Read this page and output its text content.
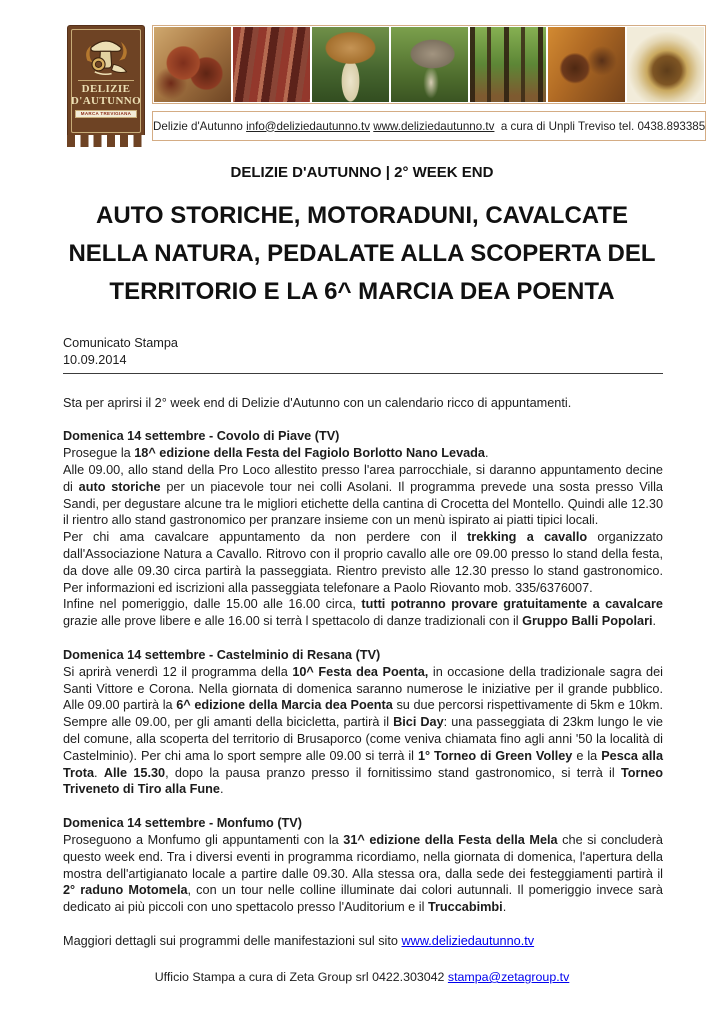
DELIZIE
D'AUTUNNO
MARCA TREVIGIANA
Delizie d'Autunno info@deliziedautunno.tv
www.deliziedautunno.tv a cura di Unpli Treviso tel. 0438.893385
DELIZIE D'AUTUNNO | 2° WEEK END
AUTO STORICHE, MOTORADUNI, CAVALCATE NELLA NATURA, PEDALATE ALLA SCOPERTA DEL TERRITORIO E LA 6^ MARCIA DEA POENTA
Comunicato Stampa
10.09.2014

Sta per aprirsi il 2° week end di Delizie d'Autunno con un calendario ricco di appuntamenti.

Domenica 14 settembre - Covolo di Piave (TV)

Prosegue la 18^ edizione della Festa del Fagiolo Borlotto Nano Levada.

Alle 09.00, allo stand della Pro Loco allestito presso l'area parrocchiale, si daranno appuntamento decine di auto storiche per un piacevole tour nei colli Asolani. Il programma prevede una sosta presso Villa Sandi, per degustare alcune tra le migliori etichette della cantina di Crocetta del Montello. Quindi alle 12.30 il rientro allo stand gastronomico per pranzare insieme con un menù ispirato ai piatti tipici locali.

Per chi ama cavalcare appuntamento da non perdere con il trekking a cavallo organizzato dall'Associazione Natura a Cavallo. Ritrovo con il proprio cavallo alle ore 09.00 presso lo stand della festa, da dove alle 09.30 circa partirà la passeggiata. Rientro previsto alle 12.30 presso lo stand gastronomico. Per informazioni ed iscrizioni alla passeggiata telefonare a Paolo Riovanto mob. 335/6376007.

Infine nel pomeriggio, dalle 15.00 alle 16.00 circa, tutti potranno provare gratuitamente a cavalcare grazie alle prove libere e alle 16.00 si terrà l spettacolo di danze tradizionali con il Gruppo Balli Popolari.

Domenica 14 settembre - Castelminio di Resana (TV)

Si aprirà venerdì 12 il programma della 10^ Festa dea Poenta, in occasione della tradizionale sagra dei Santi Vittore e Corona. Nella giornata di domenica saranno numerose le iniziative per il grande pubblico. Alle 09.00 partirà la 6^ edizione della Marcia dea Poenta su due percorsi rispettivamente di 5km e 10km. Sempre alle 09.00, per gli amanti della bicicletta, partirà il Bici Day: una passeggiata di 23km lungo le vie del comune, alla scoperta del territorio di Brusaporco (come veniva chiamata fino agli anni '50 la località di Castelminio). Per chi ama lo sport sempre alle 09.00 si terrà il 1° Torneo di Green Volley e la Pesca alla Trota. Alle 15.30, dopo la pausa pranzo presso il fornitissimo stand gastronomico, si terrà il Torneo Triveneto di Tiro alla Fune.

Domenica 14 settembre - Monfumo (TV)

Proseguono a Monfumo gli appuntamenti con la 31^ edizione della Festa della Mela che si concluderà questo week end. Tra i diversi eventi in programma ricordiamo, nella giornata di domenica, l'apertura della mostra dell'artigianato locale a partire dalle 09.30. Alla stessa ora, dalla sede dei festeggiamenti partirà il 2° raduno Motomela, con un tour nelle colline illuminate dai colori autunnali. Il pomeriggio invece sarà dedicato ai più piccoli con uno spettacolo presso l'Auditorium e il Truccabimbi.

Maggiori dettagli sui programmi delle manifestazioni sul sito www.deliziedautunno.tv

Ufficio Stampa a cura di Zeta Group srl 0422.303042 stampa@zetagroup.tv
